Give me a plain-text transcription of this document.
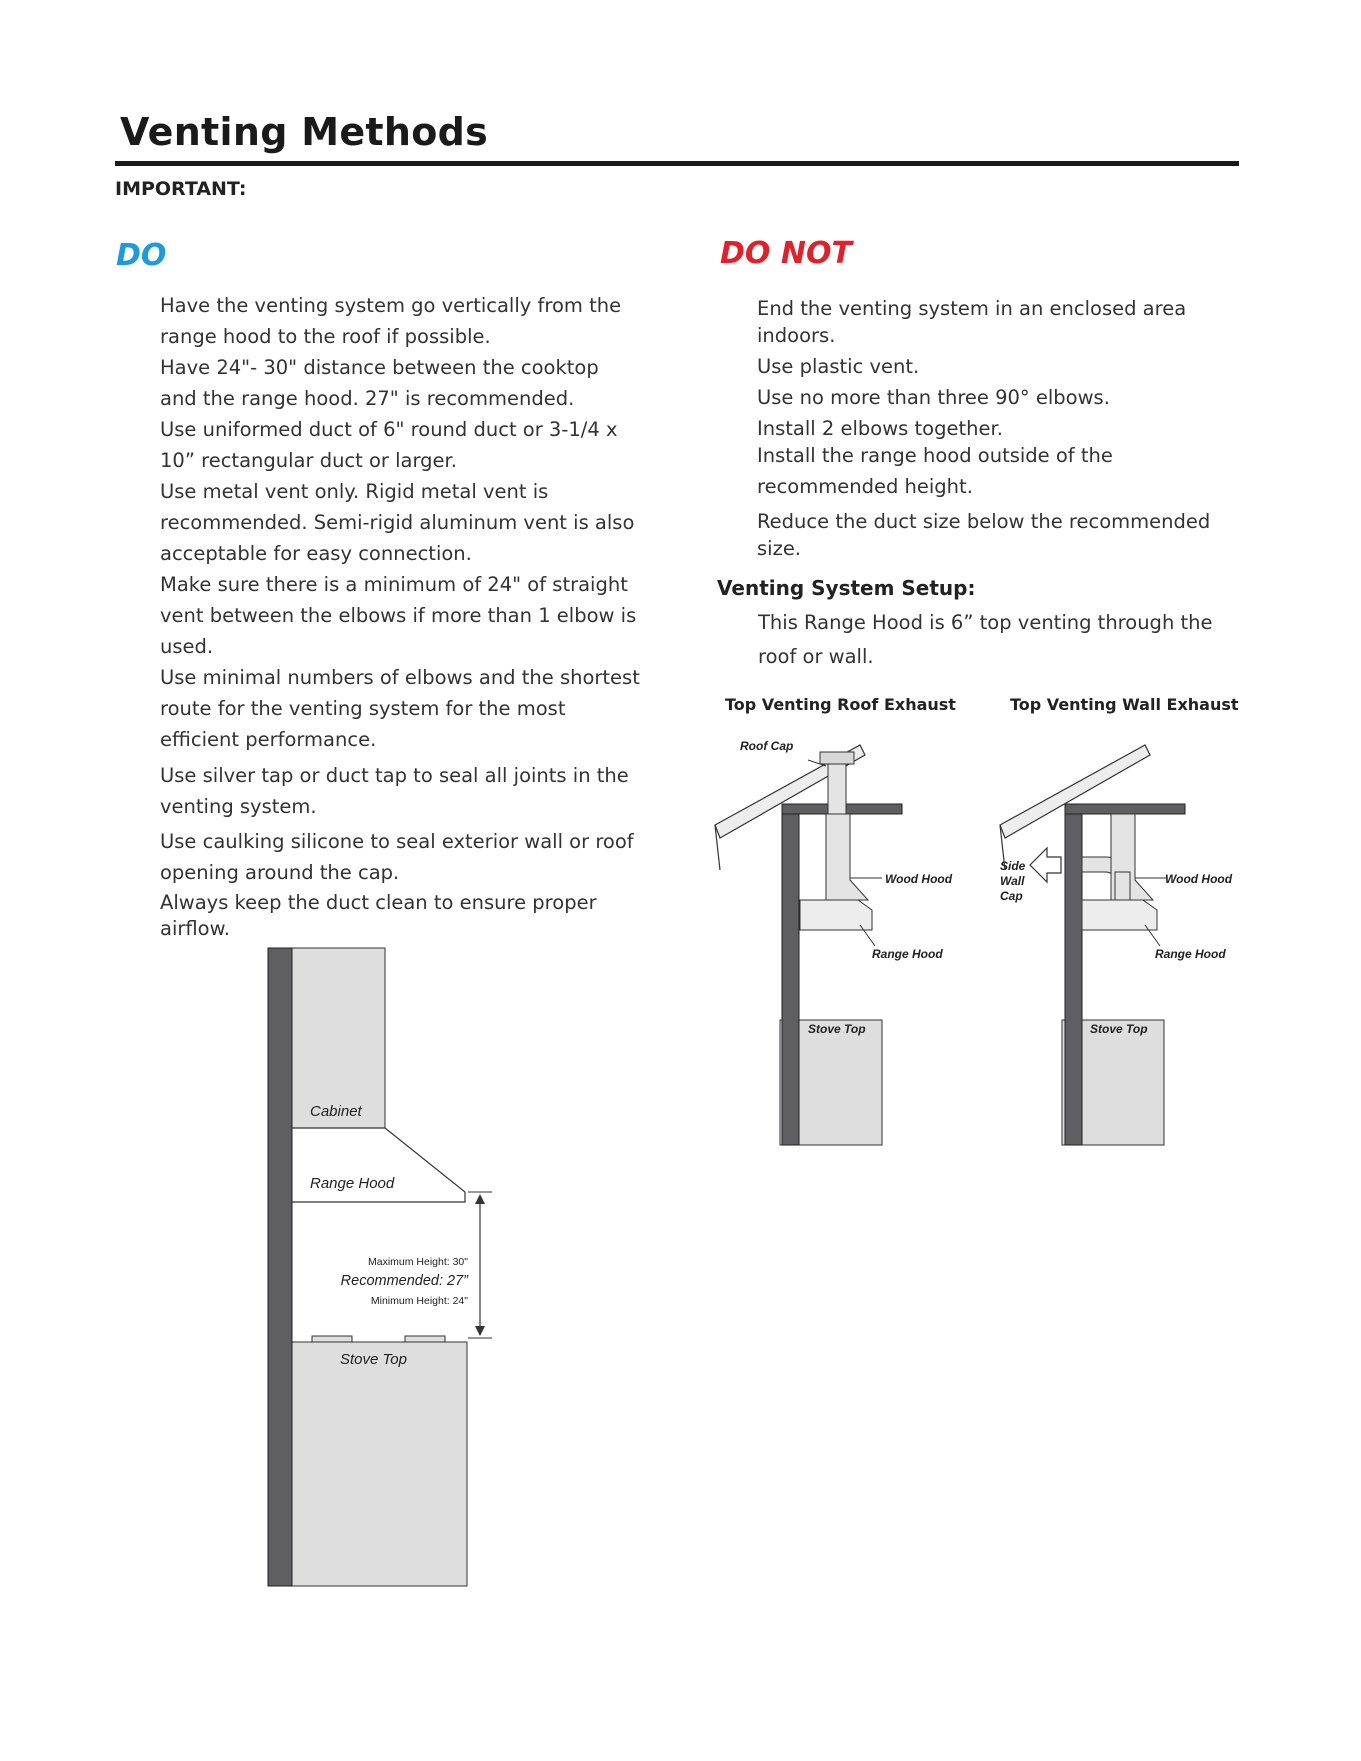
Venting Methods
IMPORTANT:
DO	DO NOT
Have the venting system go vertically from the
range hood to the roof if possible.
Have 24"- 30" distance between the cooktop
and the range hood. 27" is recommended.
Use uniformed duct of 6" round duct or 3-1/4 x
10” rectangular duct or larger.
Use metal vent only. Rigid metal vent is
recommended. Semi-rigid aluminum vent is also
acceptable for easy connection.
Make sure there is a minimum of 24" of straight
vent between the elbows if more than 1 elbow is
used.
Use minimal numbers of elbows and the shortest
route for the venting system for the most
efficient performance.
Use silver tap or duct tap to seal all joints in the
venting system.
Use caulking silicone to seal exterior wall or roof
opening around the cap.
Always keep the duct clean to ensure proper
airflow.
End the venting system in an enclosed area
indoors.
Use plastic vent.
Use no more than three 90° elbows.
Install 2 elbows together.
Install the range hood outside of the
recommended height.
Reduce the duct size below the recommended
size.
Venting System Setup:
This Range Hood is 6” top venting through the roof or wall.
Top Venting Roof Exhaust	Top Venting Wall Exhaust
Roof Cap
Wood Hood
Range Hood
Stove Top
Side
Wall
Cap
Wood Hood
Range Hood
Stove Top
Cabinet
Range Hood
Maximum Height: 30"
Recommended: 27”
Minimum Height: 24"
Stove Top
